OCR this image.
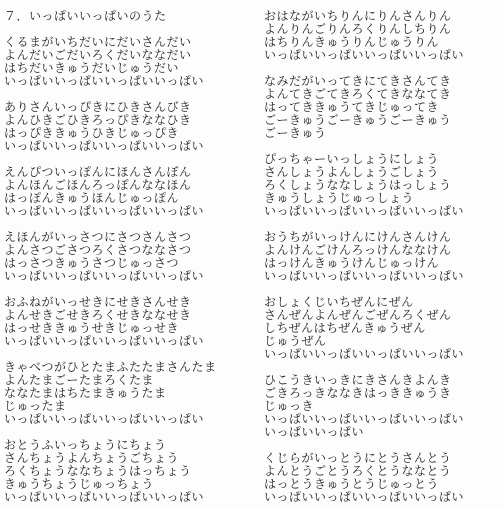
７．いっぱいいっぱいのうた
くるまがいちだいにだいさんだい
よんだいごだいろくだいななだい
はちだいきゅうだいじゅうだい
いっぱいいっぱいいっぱいいっぱい
ありさんいっぴきにひきさんびき
よんひきごひきろっぴきななひき
はっぴききゅうひきじゅっぴき
いっぱいいっぱいいっぱいいっぱい
えんぴついっぽんにほんさんぼん
よんほんごほんろっぽんななほん
はっぽんきゅうほんじゅっぽん
いっぱいいっぱいいっぱいいっぱい
えほんがいっさつにさつさんさつ
よんさつごさつろくさつななさつ
はっさつきゅうさつじゅっさつ
いっぱいいっぱいいっぱいいっぱい
おふねがいっせきにせきさんせき
よんせきごせきろくせきななせき
はっせききゅうせきじゅっせき
いっぱいいっぱいいっぱいいっぱい
きゃべつがひとたまふたたまさんたま
よんたまごーたまろくたま
ななたまはちたまきゅうたま
じゅったま
いっぱいいっぱいいっぱいいっぱい
おとうふいっちょうにちょう
さんちょうよんちょうごちょう
ろくちょうななちょうはっちょう
きゅうちょうじゅっちょう
いっぱいいっぱいいっぱいいっぱい
おはながいちりんにりんさんりん
よんりんごりんろくりんしちりん
はちりんきゅうりんじゅうりん
いっぱいいっぱいいっぱいいっぱい
なみだがいってきにてきさんてき
よんてきごてきろくてきななてき
はってききゅうてきじゅってき
ごーきゅうごーきゅうごーきゅう
ごーきゅう
ぴっちゃーいっしょうにしょう
さんしょうよんしょうごしょう
ろくしょうななしょうはっしょう
きゅうしょうじゅっしょう
いっぱいいっぱいいっぱいいっぱい
おうちがいっけんにけんさんけん
よんけんごけんろっけんななけん
はっけんきゅうけんじゅっけん
いっぱいいっぱいいっぱいいっぱい
おしょくじいちぜんにぜん
さんぜんよんぜんごぜんろくぜん
しちぜんはちぜんきゅうぜん
じゅうぜん
いっぱいいっぱいいっぱいいっぱい
ひこうきいっきにきさんきよんき
ごきろっきななきはっききゅうき
じゅっき
いっぱいいっぱいいっぱいいっぱい
いっぱいいっぱい
くじらがいっとうにとうさんとう
よんとうごとうろくとうななとう
はっとうきゅうとうじゅっとう
いっぱいいっぱいいっぱいいっぱい
